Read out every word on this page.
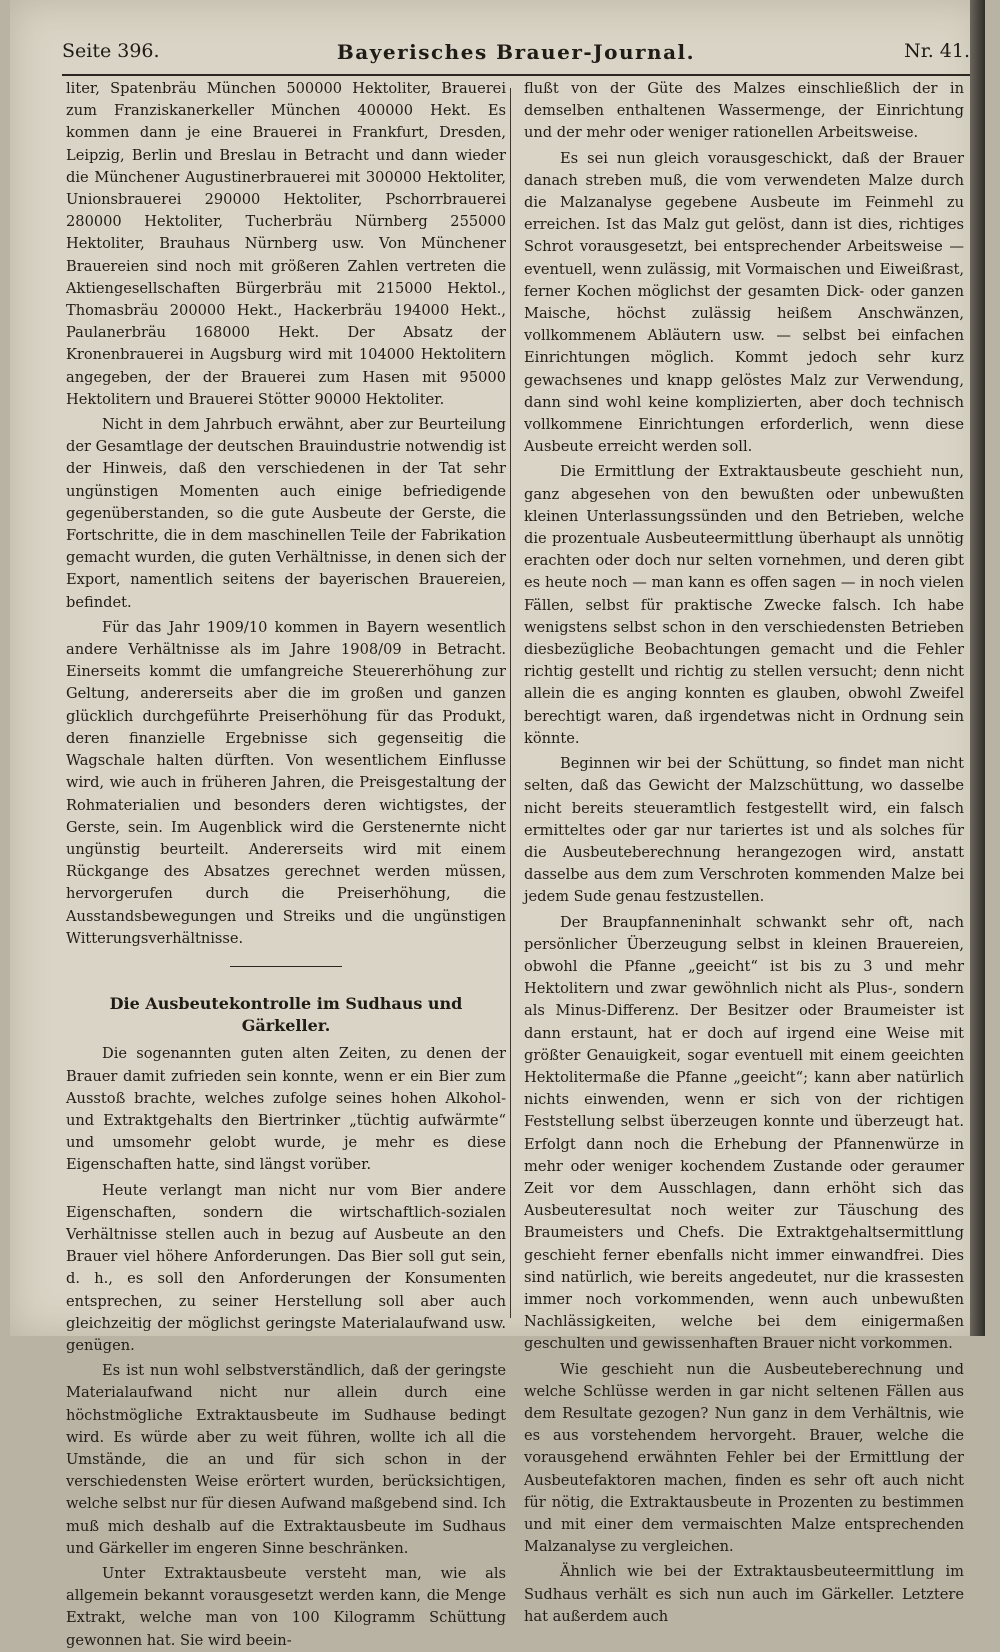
Seite 396.	Bayerisches Brauer-Journal.	Nr. 41.

liter, Spatenbräu München 500000 Hektoliter, Brauerei zum Franziskanerkeller München 400000 Hekt. Es kommen dann je eine Brauerei in Frankfurt, Dresden, Leipzig, Berlin und Breslau in Betracht und dann wieder die Münchener Augustinerbrauerei mit 300000 Hektoliter, Unionsbrauerei 290000 Hektoliter, Pschorrbrauerei 280000 Hektoliter, Tucherbräu Nürnberg 255000 Hektoliter, Brauhaus Nürnberg usw. Von Münchener Brauereien sind noch mit größeren Zahlen vertreten die Aktiengesellschaften Bürgerbräu mit 215000 Hektol., Thomasbräu 200000 Hekt., Hackerbräu 194000 Hekt., Paulanerbräu 168000 Hekt. Der Absatz der Kronenbrauerei in Augsburg wird mit 104000 Hektolitern angegeben, der der Brauerei zum Hasen mit 95000 Hektolitern und Brauerei Stötter 90000 Hektoliter.

Nicht in dem Jahrbuch erwähnt, aber zur Beurteilung der Gesamtlage der deutschen Brauindustrie notwendig ist der Hinweis, daß den verschiedenen in der Tat sehr ungünstigen Momenten auch einige befriedigende gegenüberstanden, so die gute Ausbeute der Gerste, die Fortschritte, die in dem maschinellen Teile der Fabrikation gemacht wurden, die guten Verhältnisse, in denen sich der Export, namentlich seitens der bayerischen Brauereien, befindet.

Für das Jahr 1909/10 kommen in Bayern wesentlich andere Verhältnisse als im Jahre 1908/09 in Betracht. Einerseits kommt die umfangreiche Steuererhöhung zur Geltung, andererseits aber die im großen und ganzen glücklich durchgeführte Preiserhöhung für das Produkt, deren finanzielle Ergebnisse sich gegenseitig die Wagschale halten dürften. Von wesentlichem Einflusse wird, wie auch in früheren Jahren, die Preisgestaltung der Rohmaterialien und besonders deren wichtigstes, der Gerste, sein. Im Augenblick wird die Gerstenernte nicht ungünstig beurteilt. Andererseits wird mit einem Rückgange des Absatzes gerechnet werden müssen, hervorgerufen durch die Preiserhöhung, die Ausstandsbewegungen und Streiks und die ungünstigen Witterungsverhältnisse.

Die Ausbeutekontrolle im Sudhaus und Gärkeller.

Die sogenannten guten alten Zeiten, zu denen der Brauer damit zufrieden sein konnte, wenn er ein Bier zum Ausstoß brachte, welches zufolge seines hohen Alkohol- und Extraktgehalts den Biertrinker „tüchtig aufwärmte“ und umsomehr gelobt wurde, je mehr es diese Eigenschaften hatte, sind längst vorüber.

Heute verlangt man nicht nur vom Bier andere Eigenschaften, sondern die wirtschaftlich-sozialen Verhältnisse stellen auch in bezug auf Ausbeute an den Brauer viel höhere Anforderungen. Das Bier soll gut sein, d. h., es soll den Anforderungen der Konsumenten entsprechen, zu seiner Herstellung soll aber auch gleichzeitig der möglichst geringste Materialaufwand usw. genügen.

Es ist nun wohl selbstverständlich, daß der geringste Materialaufwand nicht nur allein durch eine höchstmögliche Extraktausbeute im Sudhause bedingt wird. Es würde aber zu weit führen, wollte ich all die Umstände, die an und für sich schon in der verschiedensten Weise erörtert wurden, berücksichtigen, welche selbst nur für diesen Aufwand maßgebend sind. Ich muß mich deshalb auf die Extraktausbeute im Sudhaus und Gärkeller im engeren Sinne beschränken.

Unter Extraktausbeute versteht man, wie als allgemein bekannt vorausgesetzt werden kann, die Menge Extrakt, welche man von 100 Kilogramm Schüttung gewonnen hat. Sie wird beein-

flußt von der Güte des Malzes einschließlich der in demselben enthaltenen Wassermenge, der Einrichtung und der mehr oder weniger rationellen Arbeitsweise.

Es sei nun gleich vorausgeschickt, daß der Brauer danach streben muß, die vom verwendeten Malze durch die Malzanalyse gegebene Ausbeute im Feinmehl zu erreichen. Ist das Malz gut gelöst, dann ist dies, richtiges Schrot vorausgesetzt, bei entsprechender Arbeitsweise — eventuell, wenn zulässig, mit Vormaischen und Eiweißrast, ferner Kochen möglichst der gesamten Dick- oder ganzen Maische, höchst zulässig heißem Anschwänzen, vollkommenem Abläutern usw. — selbst bei einfachen Einrichtungen möglich. Kommt jedoch sehr kurz gewachsenes und knapp gelöstes Malz zur Verwendung, dann sind wohl keine komplizierten, aber doch technisch vollkommene Einrichtungen erforderlich, wenn diese Ausbeute erreicht werden soll.

Die Ermittlung der Extraktausbeute geschieht nun, ganz abgesehen von den bewußten oder unbewußten kleinen Unterlassungssünden und den Betrieben, welche die prozentuale Ausbeuteermittlung überhaupt als unnötig erachten oder doch nur selten vornehmen, und deren gibt es heute noch — man kann es offen sagen — in noch vielen Fällen, selbst für praktische Zwecke falsch. Ich habe wenigstens selbst schon in den verschiedensten Betrieben diesbezügliche Beobachtungen gemacht und die Fehler richtig gestellt und richtig zu stellen versucht; denn nicht allein die es anging konnten es glauben, obwohl Zweifel berechtigt waren, daß irgendetwas nicht in Ordnung sein könnte.

Beginnen wir bei der Schüttung, so findet man nicht selten, daß das Gewicht der Malzschüttung, wo dasselbe nicht bereits steueramtlich festgestellt wird, ein falsch ermitteltes oder gar nur tariertes ist und als solches für die Ausbeuteberechnung herangezogen wird, anstatt dasselbe aus dem zum Verschroten kommenden Malze bei jedem Sude genau festzustellen.

Der Braupfanneninhalt schwankt sehr oft, nach persönlicher Überzeugung selbst in kleinen Brauereien, obwohl die Pfanne „geeicht“ ist bis zu 3 und mehr Hektolitern und zwar gewöhnlich nicht als Plus-, sondern als Minus-Differenz. Der Besitzer oder Braumeister ist dann erstaunt, hat er doch auf irgend eine Weise mit größter Genauigkeit, sogar eventuell mit einem geeichten Hektolitermaße die Pfanne „geeicht“; kann aber natürlich nichts einwenden, wenn er sich von der richtigen Feststellung selbst überzeugen konnte und überzeugt hat. Erfolgt dann noch die Erhebung der Pfannenwürze in mehr oder weniger kochendem Zustande oder geraumer Zeit vor dem Ausschlagen, dann erhöht sich das Ausbeuteresultat noch weiter zur Täuschung des Braumeisters und Chefs. Die Extraktgehaltsermittlung geschieht ferner ebenfalls nicht immer einwandfrei. Dies sind natürlich, wie bereits angedeutet, nur die krassesten immer noch vorkommenden, wenn auch unbewußten Nachlässigkeiten, welche bei dem einigermaßen geschulten und gewissenhaften Brauer nicht vorkommen.

Wie geschieht nun die Ausbeuteberechnung und welche Schlüsse werden in gar nicht seltenen Fällen aus dem Resultate gezogen? Nun ganz in dem Verhältnis, wie es aus vorstehendem hervorgeht. Brauer, welche die vorausgehend erwähnten Fehler bei der Ermittlung der Ausbeutefaktoren machen, finden es sehr oft auch nicht für nötig, die Extraktausbeute in Prozenten zu bestimmen und mit einer dem vermaischten Malze entsprechenden Malzanalyse zu vergleichen.

Ähnlich wie bei der Extraktausbeuteermittlung im Sudhaus verhält es sich nun auch im Gärkeller. Letztere hat außerdem auch
